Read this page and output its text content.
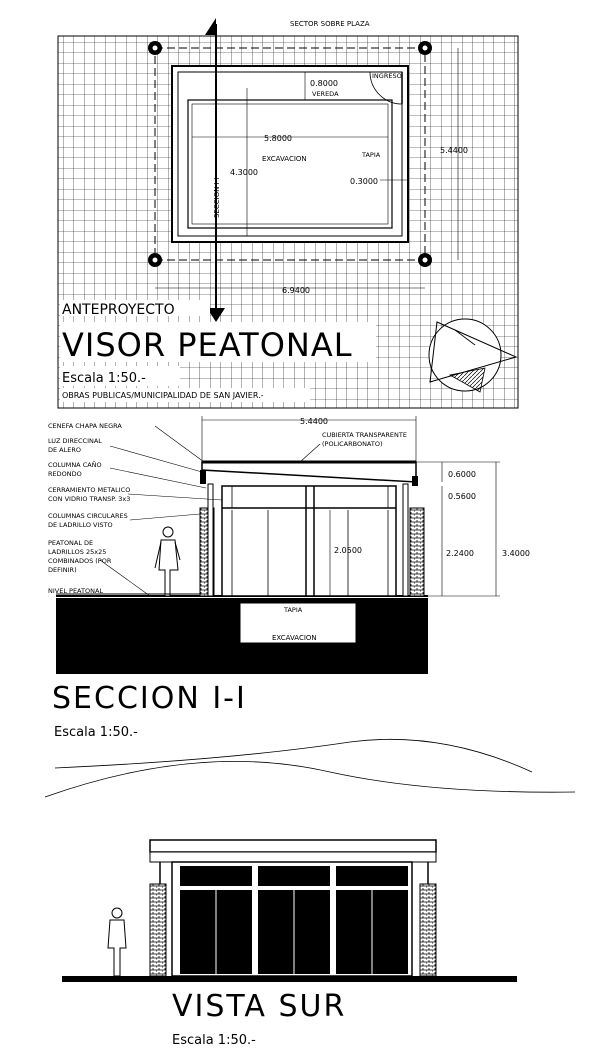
SECTOR SOBRE PLAZA
INGRESO
0.8000
VEREDA
5.8000
EXCAVACION	TAPIA
4.3000
0.3000
5.4400
6.9400
SECCION I-I
ANTEPROYECTO
VISOR PEATONAL
Escala 1:50.-
OBRAS PUBLICAS/MUNICIPALIDAD DE SAN JAVIER.-
5.4400
CENEFA CHAPA NEGRA
LUZ DIRECCINAL
DE ALERO
COLUMNA CAÑO
REDONDO
CERRAMIENTO METALICO
CON VIDRIO TRANSP. 3x3
COLUMNAS CIRCULARES
DE LADRILLO VISTO
PEATONAL DE
LADRILLOS 25x25
COMBINADOS (POR
DEFINIR)
NIVEL PEATONAL
CUBIERTA TRANSPARENTE
(POLICARBONATO)
0.6000
0.5600
2.0500	2.2400	3.4000
TAPIA
VEREDA
EXCAVACION
SECCION I-I
Escala 1:50.-
VISTA SUR
Escala 1:50.-
